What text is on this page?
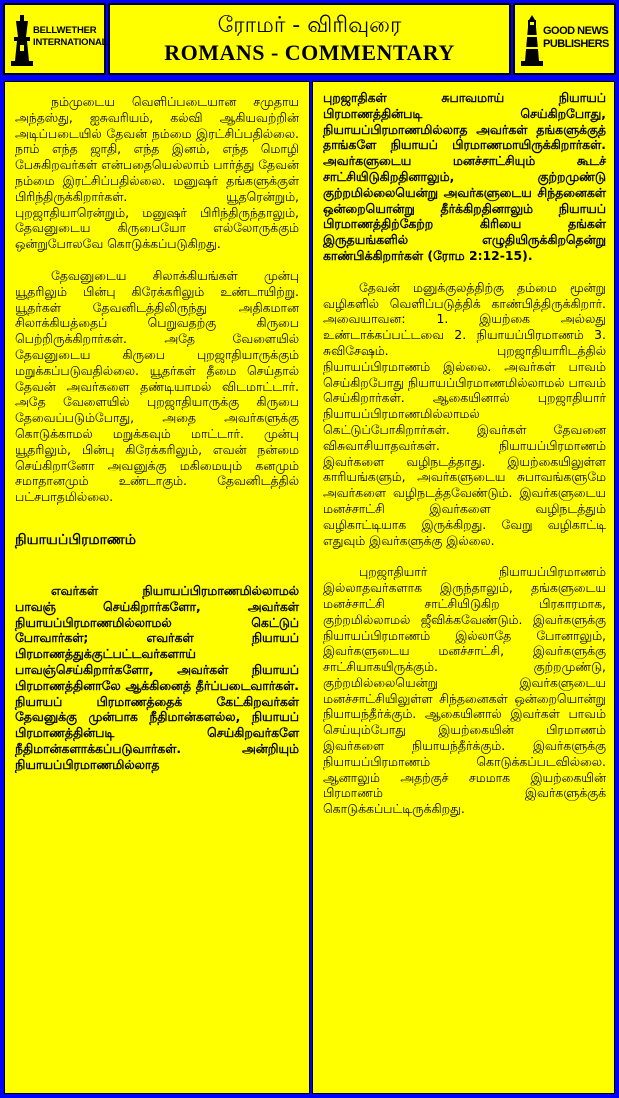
BELLWETHER
INTERNATIONAL
ரோமர் - விரிவுரை
ROMANS - COMMENTARY
GOOD NEWS
PUBLISHERS

நம்முடைய வெளிப்படையான சமுதாய அந்தஸ்து, ஐசுவரியம், கல்வி ஆகியவற்றின் அடிப்படையில் தேவன் நம்மை இரட்சிப்பதில்லை. நாம் எந்த ஜாதி, எந்த இனம், எந்த மொழி பேசுகிறவர்கள் என்பதையெல்லாம் பார்த்து தேவன் நம்மை இரட்சிப்பதில்லை. மனுஷர் தங்களுக்குள் பிரிந்திருக்கிறார்கள். யூதரென்றும், புறஜாதியாரென்றும், மனுஷர் பிரிந்திருந்தாலும், தேவனுடைய கிருபையோ எல்லோருக்கும் ஒன்றுபோலவே கொடுக்கப்படுகிறது.

தேவனுடைய சிலாக்கியங்கள் முன்பு யூதரிலும் பின்பு கிரேக்கரிலும் உண்டாயிற்று. யூதர்கள் தேவனிடத்திலிருந்து அதிகமான சிலாக்கியத்தைப் பெறுவதற்கு கிருபை பெற்றிருக்கிறார்கள். அதே வேளையில் தேவனுடைய கிருபை புறஜாதியாருக்கும் மறுக்கப்படுவதில்லை. யூதர்கள் தீமை செய்தால் தேவன் அவர்களை தண்டியாமல் விடமாட்டார். அதே வேளையில் புறஜாதியாருக்கு கிருபை தேவைப்படும்போது, அதை அவர்களுக்கு கொடுக்காமல் மறுக்கவும் மாட்டார். முன்பு யூதரிலும், பின்பு கிரேக்கரிலும், எவன் நன்மை செய்கிறானோ அவனுக்கு மகிமையும் கனமும் சமாதானமும் உண்டாகும். தேவனிடத்தில் பட்சபாதமில்லை.

நியாயப்பிரமாணம்

எவர்கள் நியாயப்பிரமாணமில்லாமல் பாவஞ் செய்கிறார்களோ, அவர்கள் நியாயப்பிரமாணமில்லாமல் கெட்டுப் போவார்கள்; எவர்கள் நியாயப் பிரமாணத்துக்குட்பட்டவர்களாய் பாவஞ்செய்கிறார்களோ, அவர்கள் நியாயப் பிரமாணத்தினாலே ஆக்கினைத் தீர்ப்படைவார்கள். நியாயப் பிரமாணத்தைக் கேட்கிறவர்கள் தேவனுக்கு முன்பாக நீதிமான்களல்ல, நியாயப் பிரமாணத்தின்படி செய்கிறவர்களே நீதிமான்களாக்கப்படுவார்கள். அன்றியும் நியாயப்பிரமாணமில்லாத

புறஜாதிகள் சுபாவமாய் நியாயப் பிரமாணத்தின்படி செய்கிறபோது, நியாயப்பிரமாணமில்லாத அவர்கள் தங்களுக்குத் தாங்களே நியாயப் பிரமாணமாயிருக்கிறார்கள். அவர்களுடைய மனச்சாட்சியும் கூடச் சாட்சியிடுகிறதினாலும், குற்றமுண்டு குற்றமில்லையென்று அவர்களுடைய சிந்தனைகள் ஒன்றையொன்று தீர்க்கிறதினாலும் நியாயப் பிரமாணத்திற்கேற்ற கிரியை தங்கள் இருதயங்களில் எழுதியிருக்கிறதென்று காண்பிக்கிறார்கள் (ரோம 2:12-15).

தேவன் மனுக்குலத்திற்கு தம்மை மூன்று வழிகளில் வெளிப்படுத்திக் காண்பித்திருக்கிறார். அவையாவன: 1. இயற்கை அல்லது உண்டாக்கப்பட்டவை 2. நியாயப்பிரமாணம் 3. சுவிசேஷம். புறஜாதியாரிடத்தில் நியாயப்பிரமாணம் இல்லை. அவர்கள் பாவம் செய்கிறபோது நியாயப்பிரமாணமில்லாமல் பாவம் செய்கிறார்கள். ஆகையினால் புறஜாதியார் நியாயப்பிரமாணமில்லாமல் கெட்டுப்போகிறார்கள். இவர்கள் தேவனை விசுவாசியாதவர்கள். நியாயப்பிரமாணம் இவர்களை வழிநடத்தாது. இயற்கையிலுள்ள காரியங்களும், அவர்களுடைய சுபாவங்களுமே அவர்களை வழிநடத்தவேண்டும். இவர்களுடைய மனச்சாட்சி இவர்களை வழிநடத்தும் வழிகாட்டியாக இருக்கிறது. வேறு வழிகாட்டி எதுவும் இவர்களுக்கு இல்லை.

புறஜாதியார் நியாயப்பிரமாணம் இல்லாதவர்களாக இருந்தாலும், தங்களுடைய மனச்சாட்சி சாட்சியிடுகிற பிரகாரமாக, குற்றமில்லாமல் ஜீவிக்கவேண்டும். இவர்களுக்கு நியாயப்பிரமாணம் இல்லாதே போனாலும், இவர்களுடைய மனச்சாட்சி, இவர்களுக்கு சாட்சியாகயிருக்கும். குற்றமுண்டு, குற்றமில்லையென்று இவர்களுடைய மனச்சாட்சியிலுள்ள சிந்தனைகள் ஒன்றையொன்று நியாயந்தீர்க்கும். ஆகையினால் இவர்கள் பாவம் செய்யும்போது இயற்கையின் பிரமாணம் இவர்களை நியாயந்தீர்க்கும். இவர்களுக்கு நியாயப்பிரமாணம் கொடுக்கப்படவில்லை. ஆனாலும் அதற்குச் சமமாக இயற்கையின் பிரமாணம் இவர்களுக்குக் கொடுக்கப்பட்டிருக்கிறது.
